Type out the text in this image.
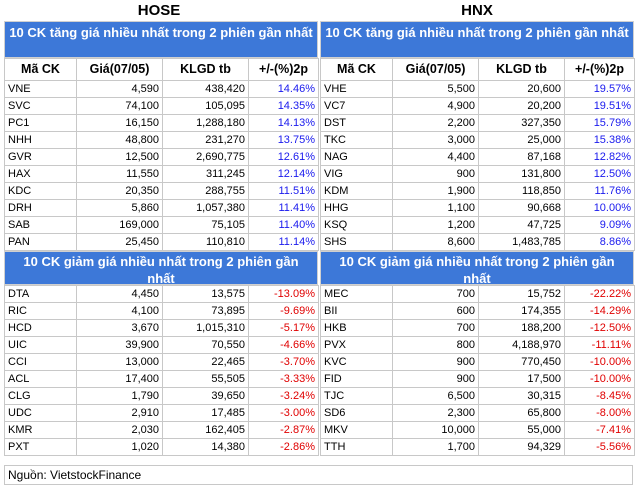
HOSE	HNX
10 CK tăng giá nhiều nhất trong 2 phiên gần nhất
Mã CK	Giá(07/05)	KLGD tb	+/-(%)2p
VNE	4,590	438,420	14.46%
SVC	74,100	105,095	14.35%
PC1	16,150	1,288,180	14.13%
NHH	48,800	231,270	13.75%
GVR	12,500	2,690,775	12.61%
HAX	11,550	311,245	12.14%
KDC	20,350	288,755	11.51%
DRH	5,860	1,057,380	11.41%
SAB	169,000	75,105	11.40%
PAN	25,450	110,810	11.14%
10 CK giảm giá nhiều nhất trong 2 phiên gần nhất
DTA	4,450	13,575	-13.09%
RIC	4,100	73,895	-9.69%
HCD	3,670	1,015,310	-5.17%
UIC	39,900	70,550	-4.66%
CCI	13,000	22,465	-3.70%
ACL	17,400	55,505	-3.33%
CLG	1,790	39,650	-3.24%
UDC	2,910	17,485	-3.00%
KMR	2,030	162,405	-2.87%
PXT	1,020	14,380	-2.86%
10 CK tăng giá nhiều nhất trong 2 phiên gần nhất
Mã CK	Giá(07/05)	KLGD tb	+/-(%)2p
VHE	5,500	20,600	19.57%
VC7	4,900	20,200	19.51%
DST	2,200	327,350	15.79%
TKC	3,000	25,000	15.38%
NAG	4,400	87,168	12.82%
VIG	900	131,800	12.50%
KDM	1,900	118,850	11.76%
HHG	1,100	90,668	10.00%
KSQ	1,200	47,725	9.09%
SHS	8,600	1,483,785	8.86%
10 CK giảm giá nhiều nhất trong 2 phiên gần nhất
MEC	700	15,752	-22.22%
BII	600	174,355	-14.29%
HKB	700	188,200	-12.50%
PVX	800	4,188,970	-11.11%
KVC	900	770,450	-10.00%
FID	900	17,500	-10.00%
TJC	6,500	30,315	-8.45%
SD6	2,300	65,800	-8.00%
MKV	10,000	55,000	-7.41%
TTH	1,700	94,329	-5.56%
Nguồn: VietstockFinance
